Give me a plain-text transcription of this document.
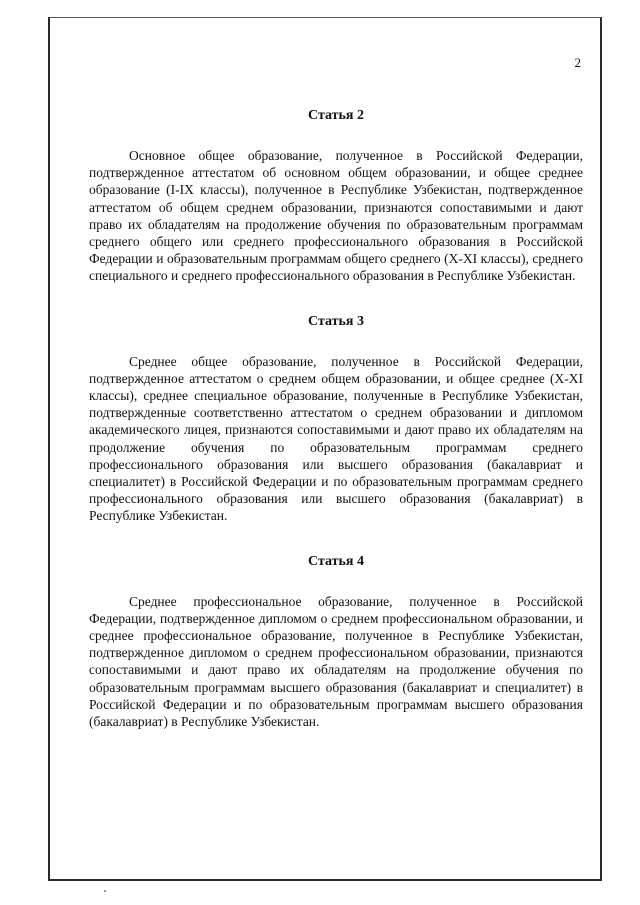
2
Статья 2

Основное общее образование, полученное в Российской Федерации, подтвержденное аттестатом об основном общем образовании, и общее среднее образование (I-IX классы), полученное в Республике Узбекистан, подтвержденное аттестатом об общем среднем образовании, признаются сопоставимыми и дают право их обладателям на продолжение обучения по образовательным программам среднего общего или среднего профессионального образования в Российской Федерации и образовательным программам общего среднего (X-XI классы), среднего специального и среднего профессионального образования в Республике Узбекистан.

Статья 3

Среднее общее образование, полученное в Российской Федерации, подтвержденное аттестатом о среднем общем образовании, и общее среднее (X-XI классы), среднее специальное образование, полученные в Республике Узбекистан, подтвержденные соответственно аттестатом о среднем образовании и дипломом академического лицея, признаются сопоставимыми и дают право их обладателям на продолжение обучения по образовательным программам среднего профессионального образования или высшего образования (бакалавриат и специалитет) в Российской Федерации и по образовательным программам среднего профессионального образования или высшего образования (бакалавриат) в Республике Узбекистан.

Статья 4

Среднее профессиональное образование, полученное в Российской Федерации, подтвержденное дипломом о среднем профессиональном образовании, и среднее профессиональное образование, полученное в Республике Узбекистан, подтвержденное дипломом о среднем профессиональном образовании, признаются сопоставимыми и дают право их обладателям на продолжение обучения по образовательным программам высшего образования (бакалавриат и специалитет) в Российской Федерации и по образовательным программам высшего образования (бакалавриат) в Республике Узбекистан.
